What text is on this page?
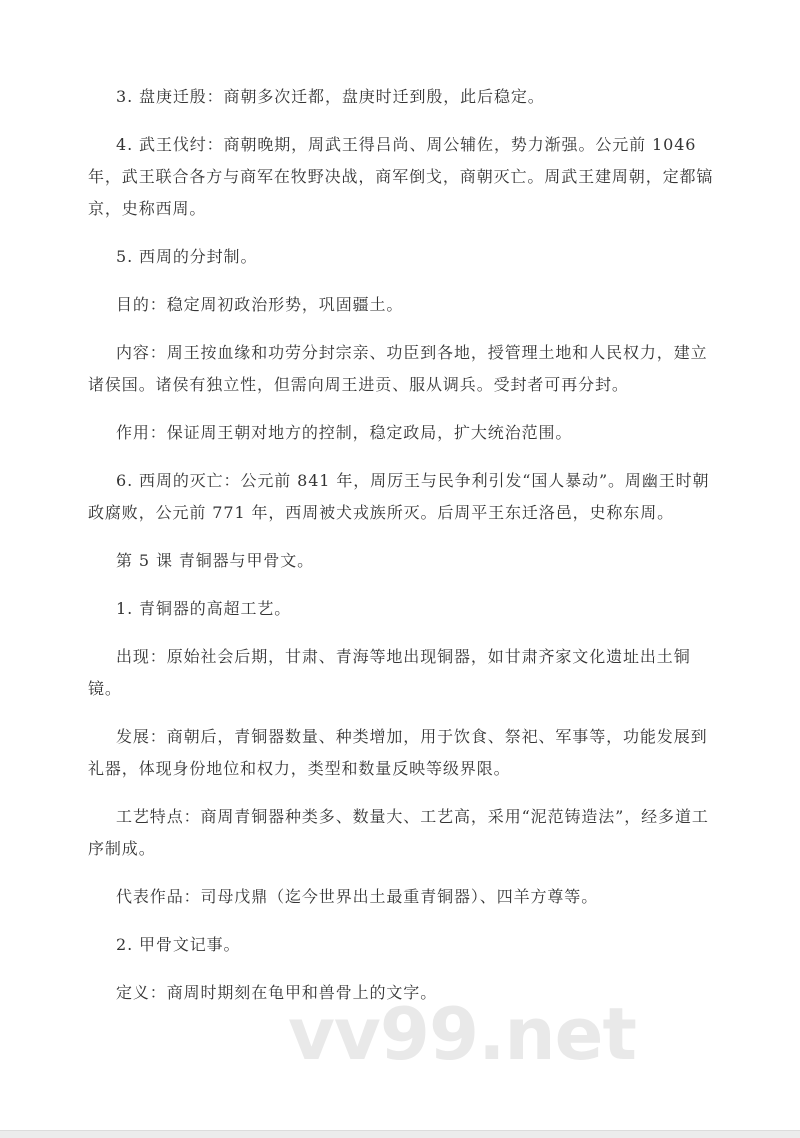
3. 盘庚迁殷：商朝多次迁都，盘庚时迁到殷，此后稳定。

4. 武王伐纣：商朝晚期，周武王得吕尚、周公辅佐，势力渐强。公元前 1046 年，武王联合各方与商军在牧野决战，商军倒戈，商朝灭亡。周武王建周朝，定都镐京，史称西周。

5. 西周的分封制。

目的：稳定周初政治形势，巩固疆土。

内容：周王按血缘和功劳分封宗亲、功臣到各地，授管理土地和人民权力，建立诸侯国。诸侯有独立性，但需向周王进贡、服从调兵。受封者可再分封。

作用：保证周王朝对地方的控制，稳定政局，扩大统治范围。

6. 西周的灭亡：公元前 841 年，周厉王与民争利引发“国人暴动”。周幽王时朝政腐败，公元前 771 年，西周被犬戎族所灭。后周平王东迁洛邑，史称东周。

第 5 课 青铜器与甲骨文。

1. 青铜器的高超工艺。

出现：原始社会后期，甘肃、青海等地出现铜器，如甘肃齐家文化遗址出土铜镜。

发展：商朝后，青铜器数量、种类增加，用于饮食、祭祀、军事等，功能发展到礼器，体现身份地位和权力，类型和数量反映等级界限。

工艺特点：商周青铜器种类多、数量大、工艺高，采用“泥范铸造法”，经多道工序制成。

代表作品：司母戊鼎（迄今世界出土最重青铜器）、四羊方尊等。

2. 甲骨文记事。

定义：商周时期刻在龟甲和兽骨上的文字。

vv99.net
